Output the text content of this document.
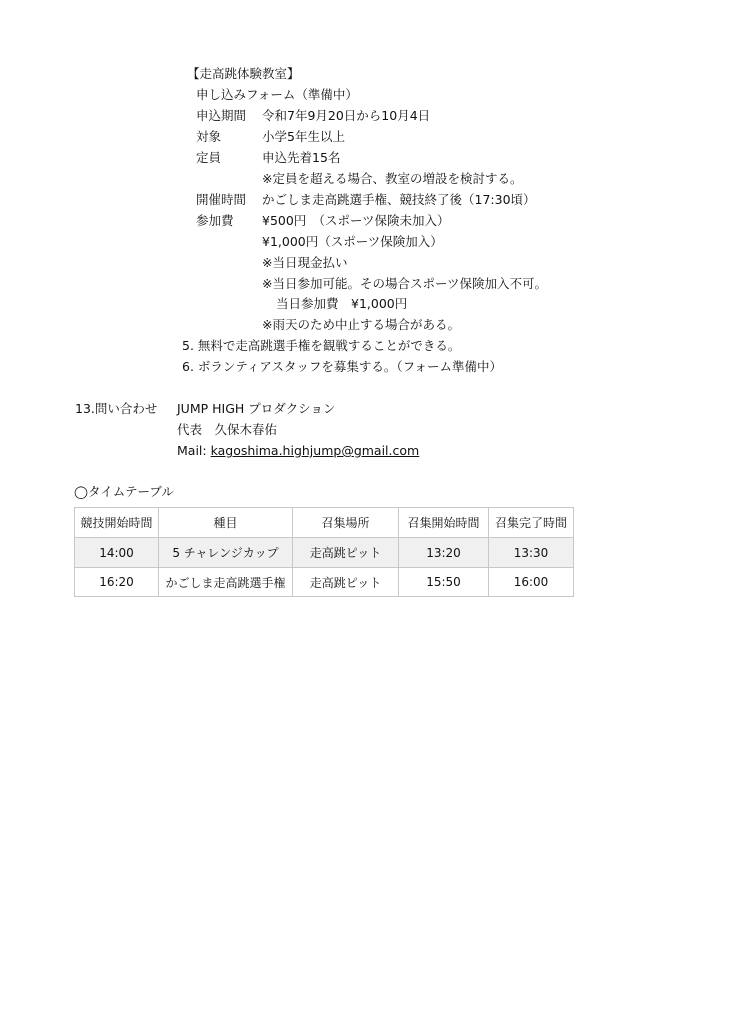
【走高跳体験教室】
申し込みフォーム（準備中）
申込期間 令和7年9月20日から10月4日
対象	小学5年生以上
定員	申込先着15名
※定員を超える場合、教室の増設を検討する。
開催時間 かごしま走高跳選手権、競技終了後（17:30頃）
参加費 ¥500円　（スポーツ保険未加入）
¥1,000円（スポーツ保険加入）
※当日現金払い
※当日参加可能。その場合スポーツ保険加入不可。
当日参加費　¥1,000円
※雨天のため中止する場合がある。
5. 無料で走高跳選手権を観戦することができる。
6. ボランティアスタッフを募集する。（フォーム準備中）
13.問い合わせ JUMP HIGH プロダクション
代表　久保木春佑
Mail: kagoshima.highjump@gmail.com
◯タイムテーブル
競技開始時間	種目	召集場所	召集開始時間	召集完了時間
14:00	5 チャレンジカップ	走高跳ピット	13:20	13:30
16:20	かごしま走高跳選手権	走高跳ピット	15:50	16:00
